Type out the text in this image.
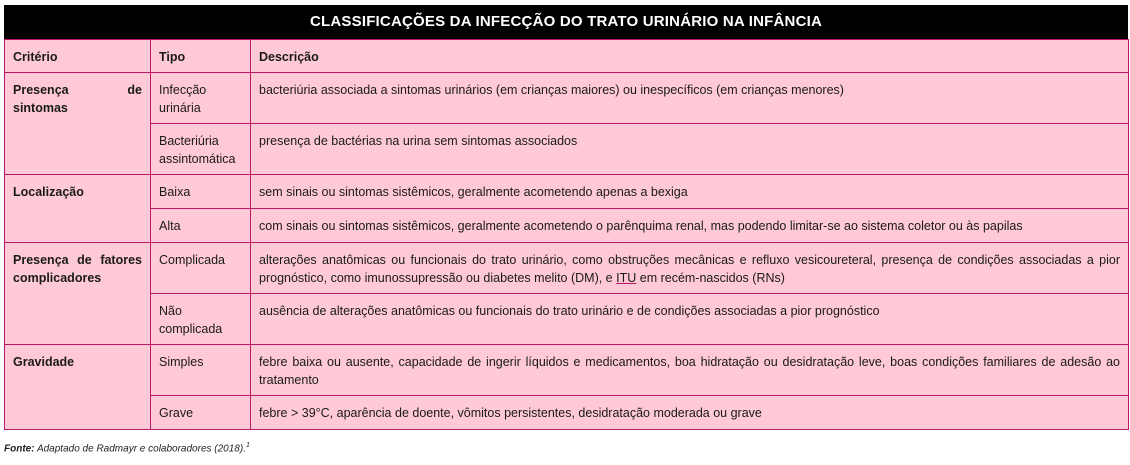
CLASSIFICAÇÕES DA INFECÇÃO DO TRATO URINÁRIO NA INFÂNCIA
Critério	Tipo	Descrição
Presença de sintomas	Infecção urinária	bacteriúria associada a sintomas urinários (em crianças maiores) ou inespecíficos (em crianças menores)
	Bacteriúria assintomática	presença de bactérias na urina sem sintomas associados
Localização	Baixa	sem sinais ou sintomas sistêmicos, geralmente acometendo apenas a bexiga
	Alta	com sinais ou sintomas sistêmicos, geralmente acometendo o parênquima renal, mas podendo limitar-se ao sistema coletor ou às papilas
Presença de fatores complicadores	Complicada	alterações anatômicas ou funcionais do trato urinário, como obstruções mecânicas e refluxo vesicoureteral, presença de condições associadas a pior prognóstico, como imunossupressão ou diabetes melito (DM), e ITU em recém-nascidos (RNs)
	Não complicada	ausência de alterações anatômicas ou funcionais do trato urinário e de condições associadas a pior prognóstico
Gravidade	Simples	febre baixa ou ausente, capacidade de ingerir líquidos e medicamentos, boa hidratação ou desidratação leve, boas condições familiares de adesão ao tratamento
	Grave	febre > 39°C, aparência de doente, vômitos persistentes, desidratação moderada ou grave
Fonte: Adaptado de Radmayr e colaboradores (2018).$^1$
